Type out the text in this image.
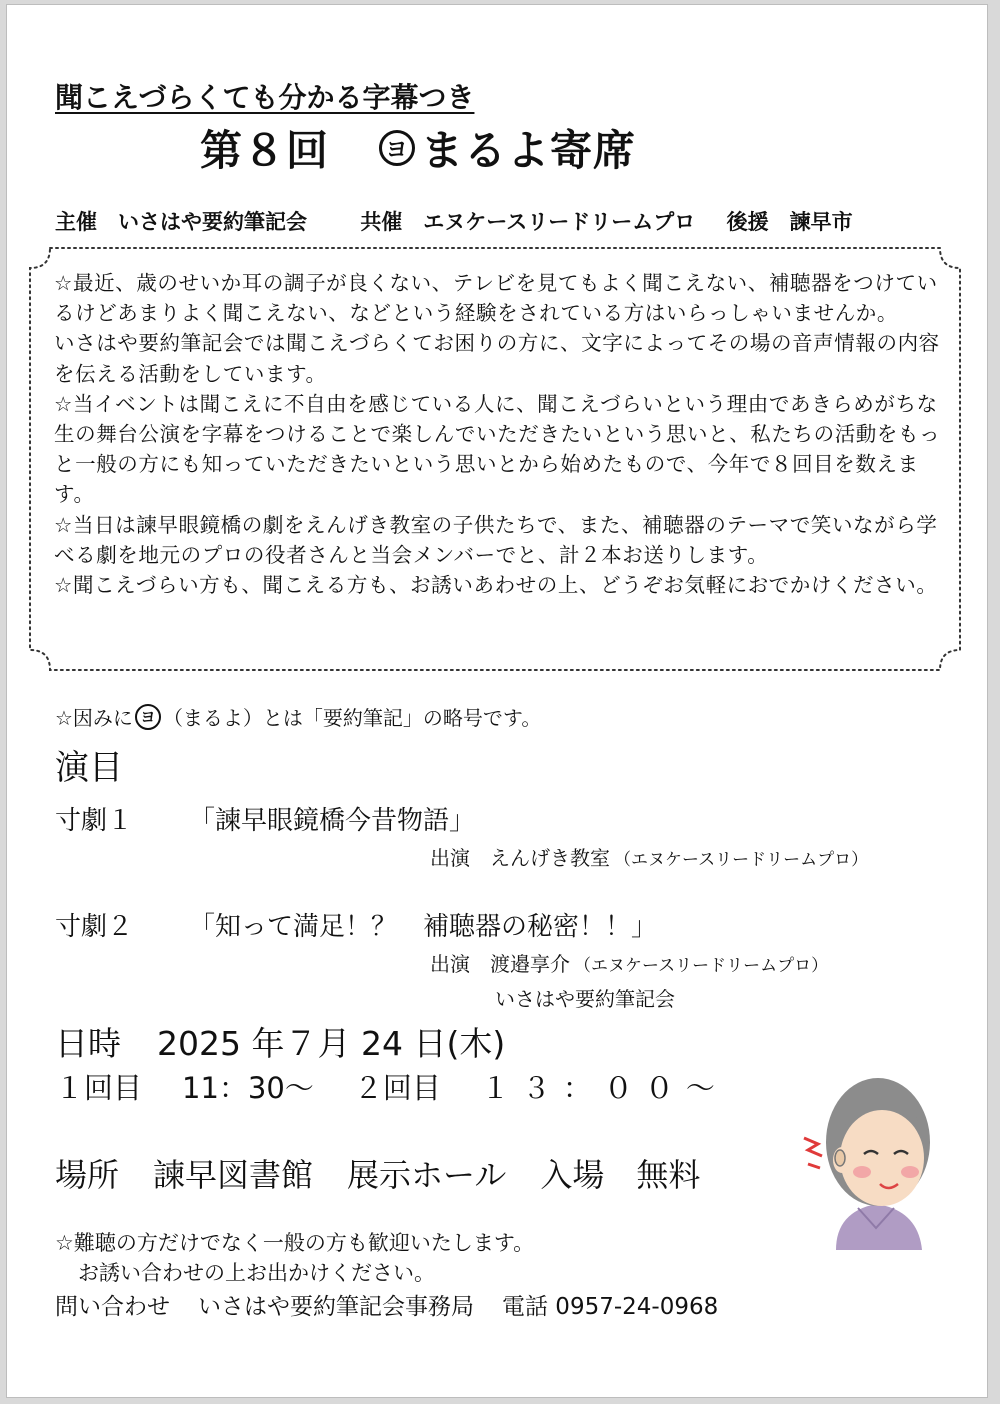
聞こえづらくても分かる字幕つき
第８回	ヨ まるよ寄席
主催　いさはや要約筆記会	共催　エヌケースリードリームプロ 後援　諫早市

☆最近、歳のせいか耳の調子が良くない、テレビを見てもよく聞こえない、補聴器をつけているけどあまりよく聞こえない、などという経験をされている方はいらっしゃいませんか。

いさはや要約筆記会では聞こえづらくてお困りの方に、文字によってその場の音声情報の内容を伝える活動をしています。

☆当イベントは聞こえに不自由を感じている人に、聞こえづらいという理由であきらめがちな生の舞台公演を字幕をつけることで楽しんでいただきたいという思いと、私たちの活動をもっと一般の方にも知っていただきたいという思いとから始めたもので、今年で８回目を数えます。

☆当日は諫早眼鏡橋の劇をえんげき教室の子供たちで、また、補聴器のテーマで笑いながら学べる劇を地元のプロの役者さんと当会メンバーでと、計２本お送りします。

☆聞こえづらい方も、聞こえる方も、お誘いあわせの上、どうぞお気軽におでかけください。

☆因みに ヨ （まるよ）とは「要約筆記」の略号です。
演目
寸劇１ 「諫早眼鏡橋今昔物語」
出演　えんげき教室 （エヌケースリードリームプロ）
寸劇２ 「知って満足！？　補聴器の秘密！！」
出演　渡邉享介 （エヌケースリードリームプロ）
いさはや要約筆記会
日時 2025 年７月 24 日(木)
１回目 11：30～ ２回目 １３：００～
場所 諫早図書館 展示ホール 入場　無料
☆難聴の方だけでなく一般の方も歓迎いたします。
お誘い合わせの上お出かけください。
問い合わせ いさはや要約筆記会事務局 電話 0957-24-0968
